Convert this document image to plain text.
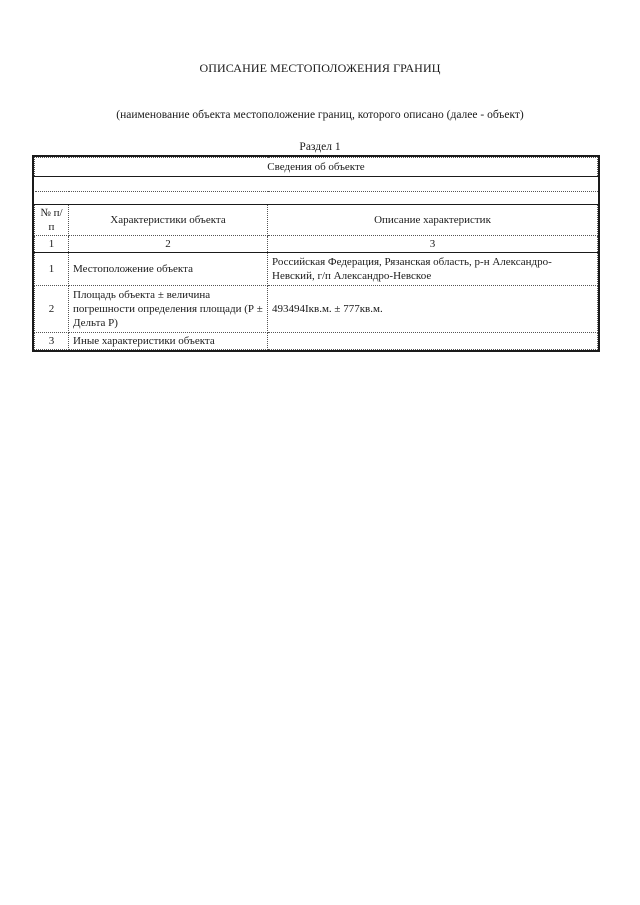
ОПИСАНИЕ МЕСТОПОЛОЖЕНИЯ ГРАНИЦ
(наименование объекта местоположение границ, которого описано (далее - объект)
Раздел 1
Сведения об объекте		

№ п/п	Характеристики объекта	Описание характеристик
1	2	3
1	Местоположение объекта	Российская Федерация, Рязанская область, р-н Александро-Невский, г/п Александро-Невское
2	Площадь объекта ± величина погрешности определения площади (Р ± Дельта Р)	493494Iкв.м. ± 777кв.м.
3	Иные характеристики объекта	
